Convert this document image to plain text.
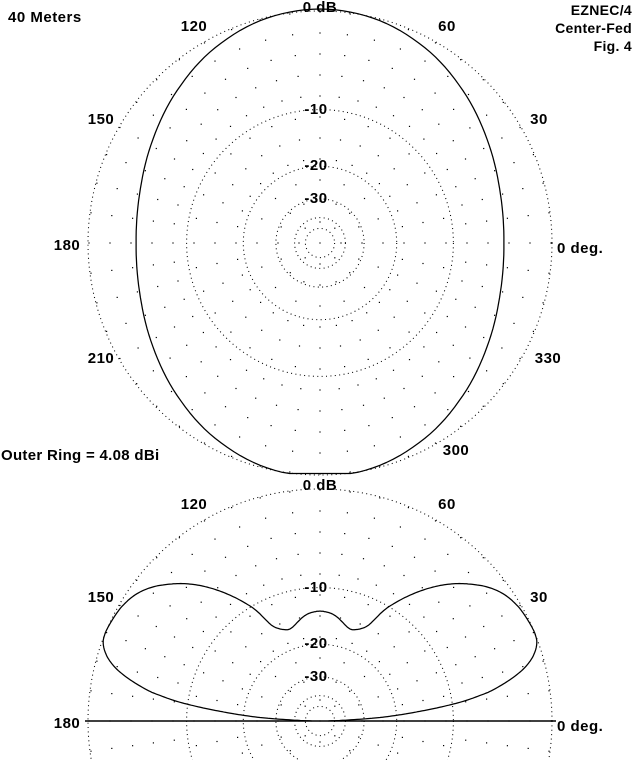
0 dB
-10
-20
-30
0 deg.
30
60
120
150
180
210
300
330
0 dB
-10
-20
-30
0 deg.
30
60
120
150
180
40 Meters	EZNEC/4
Center-Fed
Fig. 4
Outer Ring = 4.08 dBi
